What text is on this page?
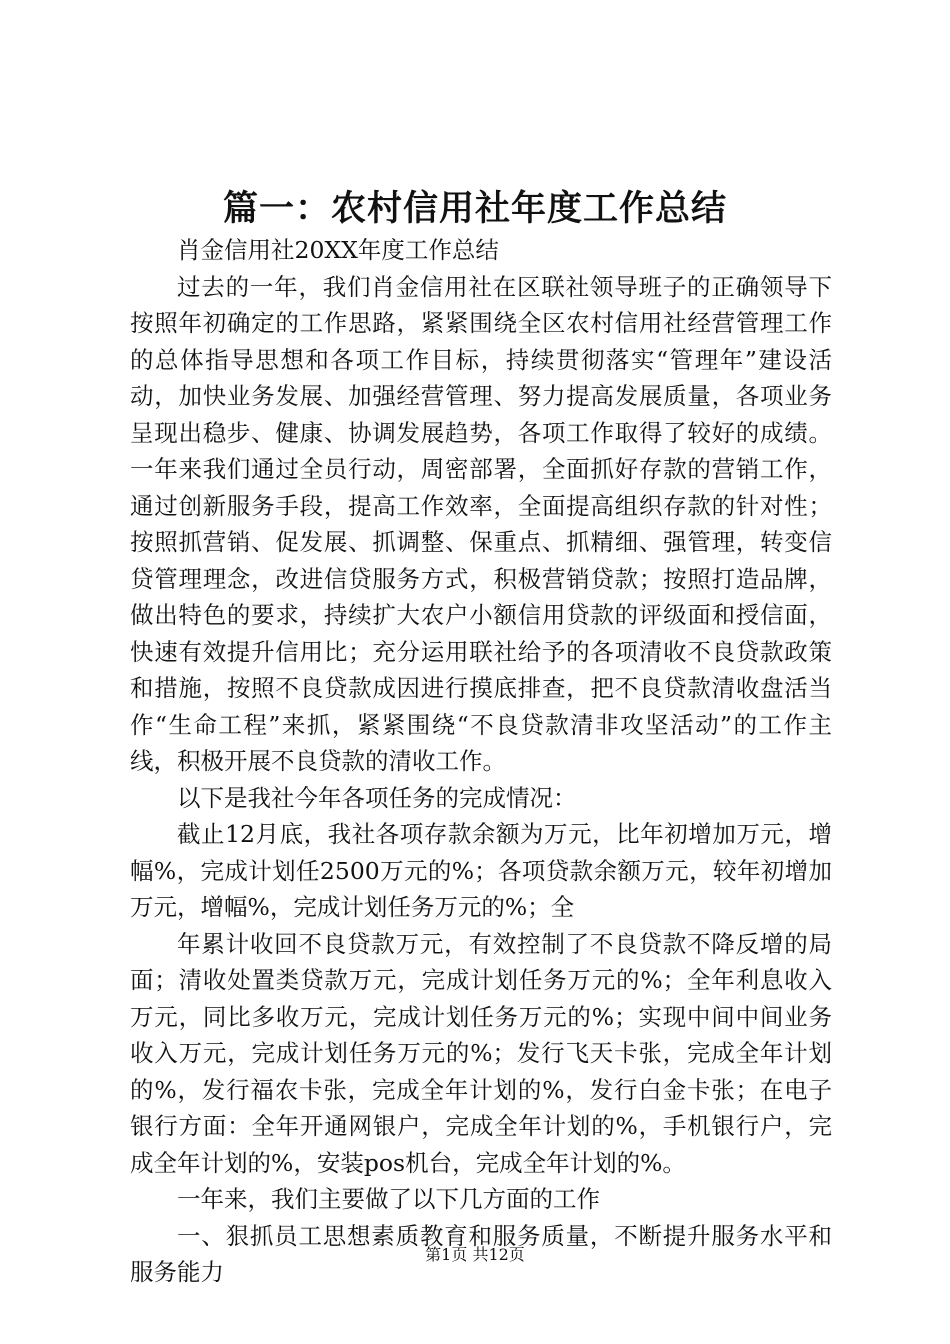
篇一：农村信用社年度工作总结

肖金信用社20XX年度工作总结

过去的一年，我们肖金信用社在区联社领导班子的正确领导下按照年初确定的工作思路，紧紧围绕全区农村信用社经营管理工作的总体指导思想和各项工作目标，持续贯彻落实“管理年”建设活动，加快业务发展、加强经营管理、努力提高发展质量，各项业务呈现出稳步、健康、协调发展趋势，各项工作取得了较好的成绩。一年来我们通过全员行动，周密部署，全面抓好存款的营销工作，通过创新服务手段，提高工作效率，全面提高组织存款的针对性；按照抓营销、促发展、抓调整、保重点、抓精细、强管理，转变信贷管理理念，改进信贷服务方式，积极营销贷款；按照打造品牌，做出特色的要求，持续扩大农户小额信用贷款的评级面和授信面，快速有效提升信用比；充分运用联社给予的各项清收不良贷款政策和措施，按照不良贷款成因进行摸底排查，把不良贷款清收盘活当作“生命工程”来抓，紧紧围绕“不良贷款清非攻坚活动”的工作主线，积极开展不良贷款的清收工作。

以下是我社今年各项任务的完成情况：

截止12月底，我社各项存款余额为万元，比年初增加万元，增幅%，完成计划任2500万元的%；各项贷款余额万元，较年初增加万元，增幅%，完成计划任务万元的%；全

年累计收回不良贷款万元，有效控制了不良贷款不降反增的局面；清收处置类贷款万元，完成计划任务万元的%；全年利息收入万元，同比多收万元，完成计划任务万元的%；实现中间中间业务收入万元，完成计划任务万元的%；发行飞天卡张，完成全年计划的%，发行福农卡张，完成全年计划的%，发行白金卡张；在电子银行方面：全年开通网银户，完成全年计划的%，手机银行户，完成全年计划的%，安装pos机台，完成全年计划的%。

一年来，我们主要做了以下几方面的工作

一、狠抓员工思想素质教育和服务质量，不断提升服务水平和服务能力

第1页 共12页
